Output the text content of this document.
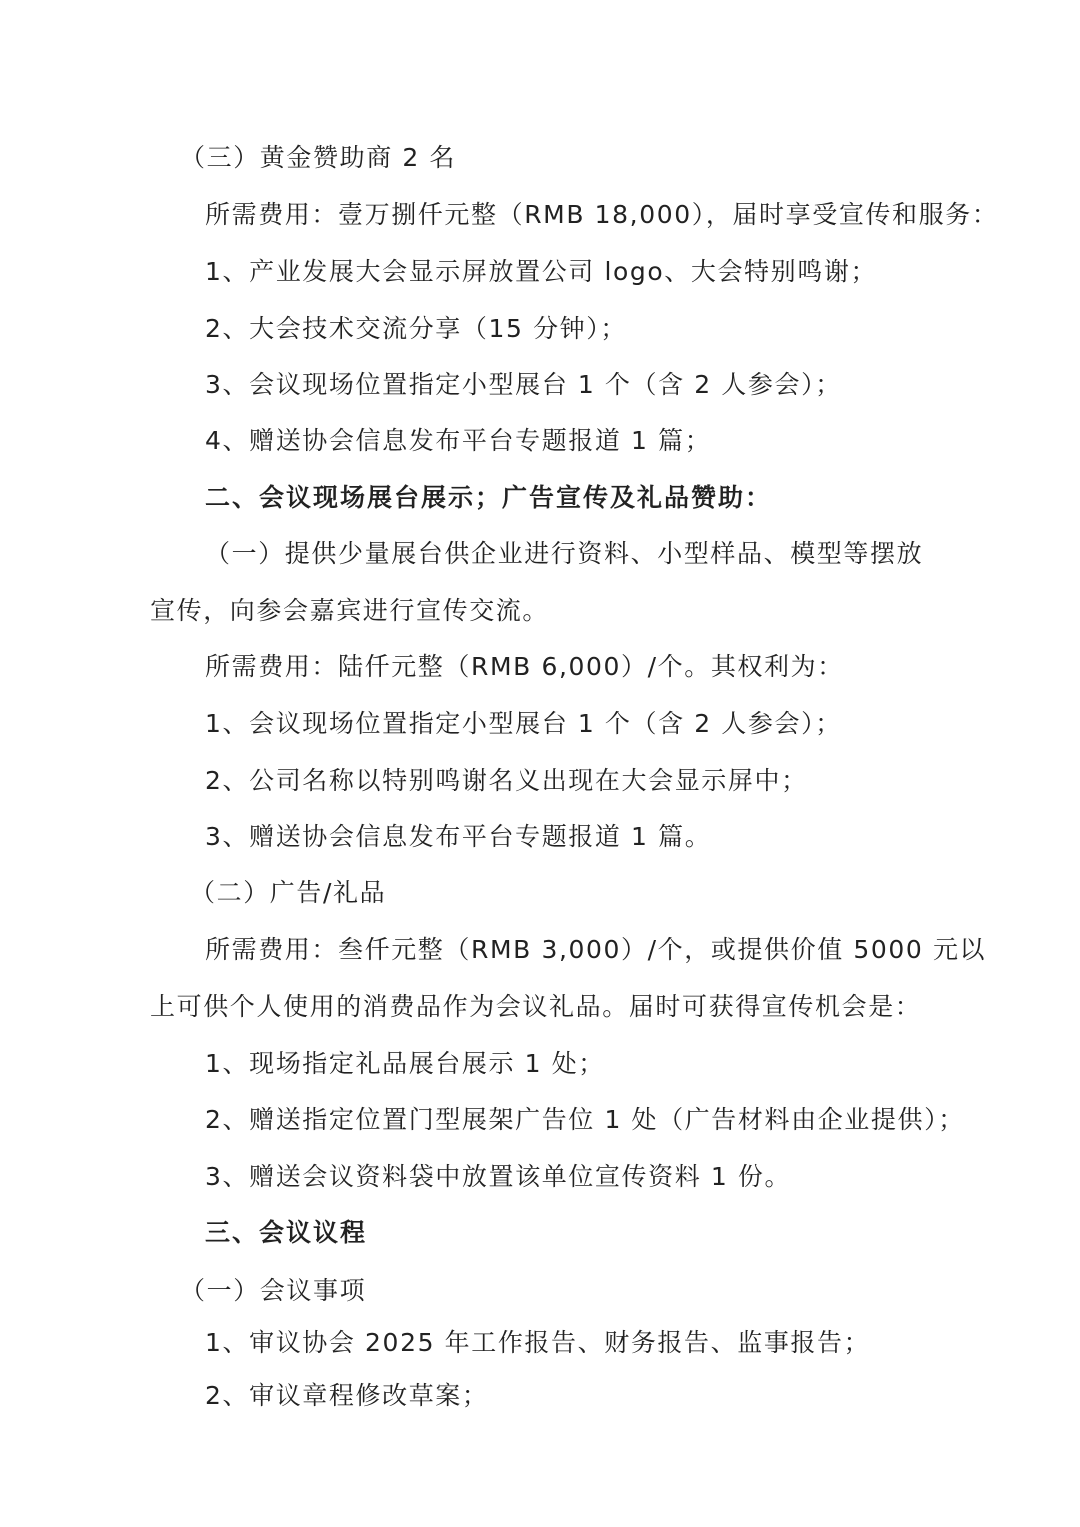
（三）黄金赞助商 2 名
所需费用：壹万捌仟元整（RMB 18,000），届时享受宣传和服务：
1、产业发展大会显示屏放置公司 logo、大会特别鸣谢；
2、大会技术交流分享（15 分钟）；
3、会议现场位置指定小型展台 1 个（含 2 人参会）；
4、赠送协会信息发布平台专题报道 1 篇；
二、会议现场展台展示；广告宣传及礼品赞助：
（一）提供少量展台供企业进行资料、小型样品、模型等摆放
宣传，向参会嘉宾进行宣传交流。
所需费用：陆仟元整（RMB 6,000）/个。其权利为：
1、会议现场位置指定小型展台 1 个（含 2 人参会）；
2、公司名称以特别鸣谢名义出现在大会显示屏中；
3、赠送协会信息发布平台专题报道 1 篇。
（二）广告/礼品
所需费用：叁仟元整（RMB 3,000）/个，或提供价值 5000 元以
上可供个人使用的消费品作为会议礼品。届时可获得宣传机会是：
1、现场指定礼品展台展示 1 处；
2、赠送指定位置门型展架广告位 1 处（广告材料由企业提供）；
3、赠送会议资料袋中放置该单位宣传资料 1 份。
三、会议议程
（一）会议事项
1、审议协会 2025 年工作报告、财务报告、监事报告；
2、审议章程修改草案；
